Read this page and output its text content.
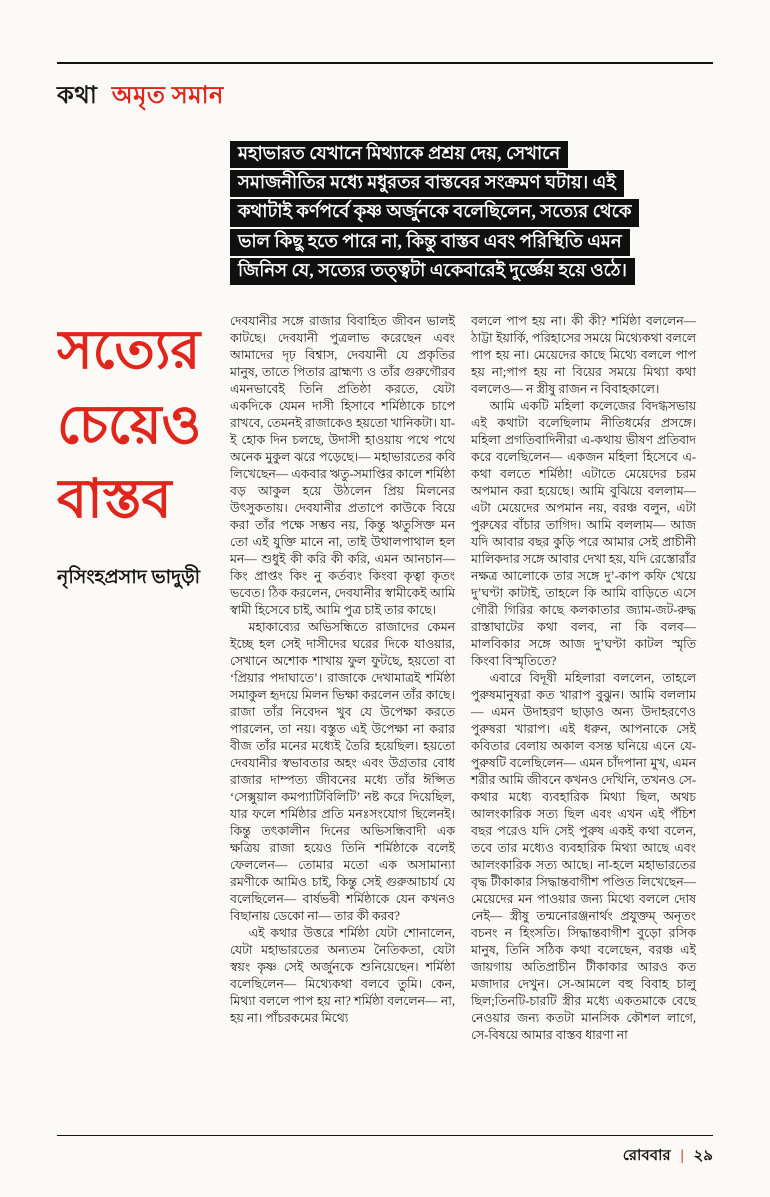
কথা অমৃত সমান
মহাভারত যেখানে মিথ্যাকে প্রশ্রয় দেয়, সেখানে
সমাজনীতির মধ্যে মধুরতর বাস্তবের সংক্রমণ ঘটায়। এই
কথাটাই কর্ণপর্বে কৃষ্ণ অর্জুনকে বলেছিলেন, সত্যের থেকে
ভাল কিছু হতে পারে না, কিন্তু বাস্তব এবং পরিস্থিতি এমন
জিনিস যে, সত্যের তত্ত্বটা একেবারেই দুর্জ্ঞেয় হয়ে ওঠে।
সত্যের
চেয়েও
বাস্তব
নৃসিংহপ্রসাদ ভাদুড়ী

দেবযানীর সঙ্গে রাজার বিবাহিত জীবন ভালই কাটছে। দেবযানী পুত্রলাভ করেছেন এবং আমাদের দৃঢ় বিশ্বাস, দেবযানী যে প্রকৃতির মানুষ, তাতে পিতার ব্রাহ্মণ্য ও তাঁর গুরুগৌরব এমনভাবেই তিনি প্রতিষ্ঠা করতে, যেটা একদিকে যেমন দাসী হিসাবে শর্মিষ্ঠাকে চাপে রাখবে, তেমনই রাজাকেও হয়তো খানিকটা। যা-ই হোক দিন চলছে, উদাসী হাওয়ায় পথে পথে অনেক মুকুল ঝরে পড়েছে।— মহাভারতের কবি লিখেছেন— একবার ঋতু-সমাপ্তির কালে শর্মিষ্ঠা বড় আকুল হয়ে উঠলেন প্রিয় মিলনের উৎসুকতায়। দেবযানীর প্রতাপে কাউকে বিয়ে করা তাঁর পক্ষে সম্ভব নয়, কিন্তু ঋতুসিক্ত মন তো এই যুক্তি মানে না, তাই উথালপাথাল হল মন— শুধুই কী করি কী করি, এমন আনচান— কিং প্রাপ্তং কিং নু কর্তব্যং কিংবা কৃত্বা কৃতং ভবেত। ঠিক করলেন, দেবযানীর স্বামীকেই আমি স্বামী হিসেবে চাই, আমি পুত্র চাই তার কাছে।

মহাকাব্যের অভিসন্ধিতে রাজাদের কেমন ইচ্ছে হল সেই দাসীদের ঘরের দিকে যাওয়ার, সেখানে অশোক শাখায় ফুল ফুটছে, হয়তো বা ‘প্রিয়ার পদাঘাতে’। রাজাকে দেখামাত্রই শর্মিষ্ঠা সমাকুল হৃদয়ে মিলন ভিক্ষা করলেন তাঁর কাছে। রাজা তাঁর নিবেদন খুব যে উপেক্ষা করতে পারলেন, তা নয়। বস্তুত এই উপেক্ষা না করার বীজ তাঁর মনের মধ্যেই তৈরি হয়েছিল। হয়তো দেবযানীর স্বভাবতার অহং এবং উগ্রতার বোধ রাজার দাম্পত্য জীবনের মধ্যে তাঁর ঈপ্সিত ‘সেক্সুয়াল কমপ্যাটিবিলিটি’ নষ্ট করে দিয়েছিল, যার ফলে শর্মিষ্ঠার প্রতি মনঃসংযোগ ছিলেনই। কিন্তু তৎকালীন দিনের অভিসন্ধিবাদী এক ক্ষত্রিয় রাজা হয়েও তিনি শর্মিষ্ঠাকে বলেই ফেললেন— তোমার মতো এক অসামান্যা রমণীকে আমিও চাই, কিন্তু সেই গুরুআচার্য যে বলেছিলেন— বার্ষভৰী শর্মিষ্ঠাকে যেন কখনও বিছানায় ডেকো না— তার কী করব?

এই কথার উত্তরে শর্মিষ্ঠা যেটা শোনালেন, যেটা মহাভারতের অন্যতম নৈতিকতা, যেটা স্বয়ং কৃষ্ণ সেই অর্জুনকে শুনিয়েছেন। শর্মিষ্ঠা বলেছিলেন— মিথ্যেকথা বলবে তুমি। কেন, মিথ্যা বললে পাপ হয় না? শর্মিষ্ঠা বললেন— না, হয় না। পাঁচরকমের মিথ্যে

বললে পাপ হয় না। কী কী? শর্মিষ্ঠা বললেন— ঠাট্টা ইয়ার্কি, পরিহাসের সময়ে মিথ্যেকথা বললে পাপ হয় না। মেয়েদের কাছে মিথ্যে বললে পাপ হয় না;পাপ হয় না বিয়ের সময়ে মিথ্যা কথা বললেও— ন স্ত্রীষু রাজন ন বিবাহকালে।

আমি একটি মহিলা কলেজের বিদগ্ধসভায় এই কথাটা বলেছিলাম নীতিধর্মের প্রসঙ্গে। মহিলা প্রগতিবাদিনীরা এ-কথায় ভীষণ প্রতিবাদ করে বলেছিলেন— একজন মহিলা হিসেবে এ-কথা বলতে শর্মিষ্ঠা! এটাতে মেয়েদের চরম অপমান করা হয়েছে। আমি বুঝিয়ে বললাম— এটা মেয়েদের অপমান নয়, বরঞ্চ বলুন, এটা পুরুষের বাঁচার তাগিদ। আমি বললাম— আজ যদি আবার বছর কুড়ি পরে আমার সেই প্রাচীনী মালিকদার সঙ্গে আবার দেখা হয়, যদি রেস্তোরাঁর নক্ষত্র আলোকে তার সঙ্গে দু’-কাপ কফি খেয়ে দু’ঘণ্টা কাটাই, তাহলে কি আমি বাড়িতে এসে গৌরী গিরির কাছে কলকাতার জ্যাম-জট-রুদ্ধ রাস্তাঘাটের কথা বলব, না কি বলব— মালবিকার সঙ্গে আজ দু’ঘণ্টা কাটল স্মৃতি কিংবা বিস্মৃতিতে?

এবারে বিদূষী মহিলারা বললেন, তাহলে পুরুষমানুষরা কত খারাপ বুঝুন। আমি বললাম— এমন উদাহরণ ছাড়াও অন্য উদাহরণেও পুরুষরা খারাপ। এই ধরুন, আপনাকে সেই কবিতার বেলায় অকাল বসন্ত ঘনিয়ে এনে যে-পুরুষটি বলেছিলেন— এমন চাঁদপানা মুখ, এমন শরীর আমি জীবনে কখনও দেখিনি, তখনও সে-কথার মধ্যে ব্যবহারিক মিথ্যা ছিল, অথচ আলংকারিক সত্য ছিল এবং এখন এই পঁচিশ বছর পরেও যদি সেই পুরুষ একই কথা বলেন, তবে তার মধ্যেও ব্যবহারিক মিথ্যা আছে এবং আলংকারিক সত্য আছে। না-হলে মহাভারতের বৃদ্ধ টীকাকার সিদ্ধান্তবাগীশ পণ্ডিত লিখেছেন— মেয়েদের মন পাওয়ার জন্য মিথ্যে বললে দোষ নেই— স্ত্রীষু তন্মনোরঞ্জনার্থং প্রযুক্তম্ অনৃতং বচনং ন হিংসতি। সিদ্ধান্তবাগীশ বুড়ো রসিক মানুষ, তিনি সঠিক কথা বলেছেন, বরঞ্চ এই জায়গায় অতিপ্রাচীন টীকাকার আরও কত মজাদার দেখুন। সে-আমলে বহু বিবাহ চালু ছিল;তিনটি-চারটি স্ত্রীর মধ্যে একতমাকে বেছে নেওয়ার জন্য কতটা মানসিক কৌশল লাগে, সে-বিষয়ে আমার বাস্তব ধারণা না

রোববার | ২৯
